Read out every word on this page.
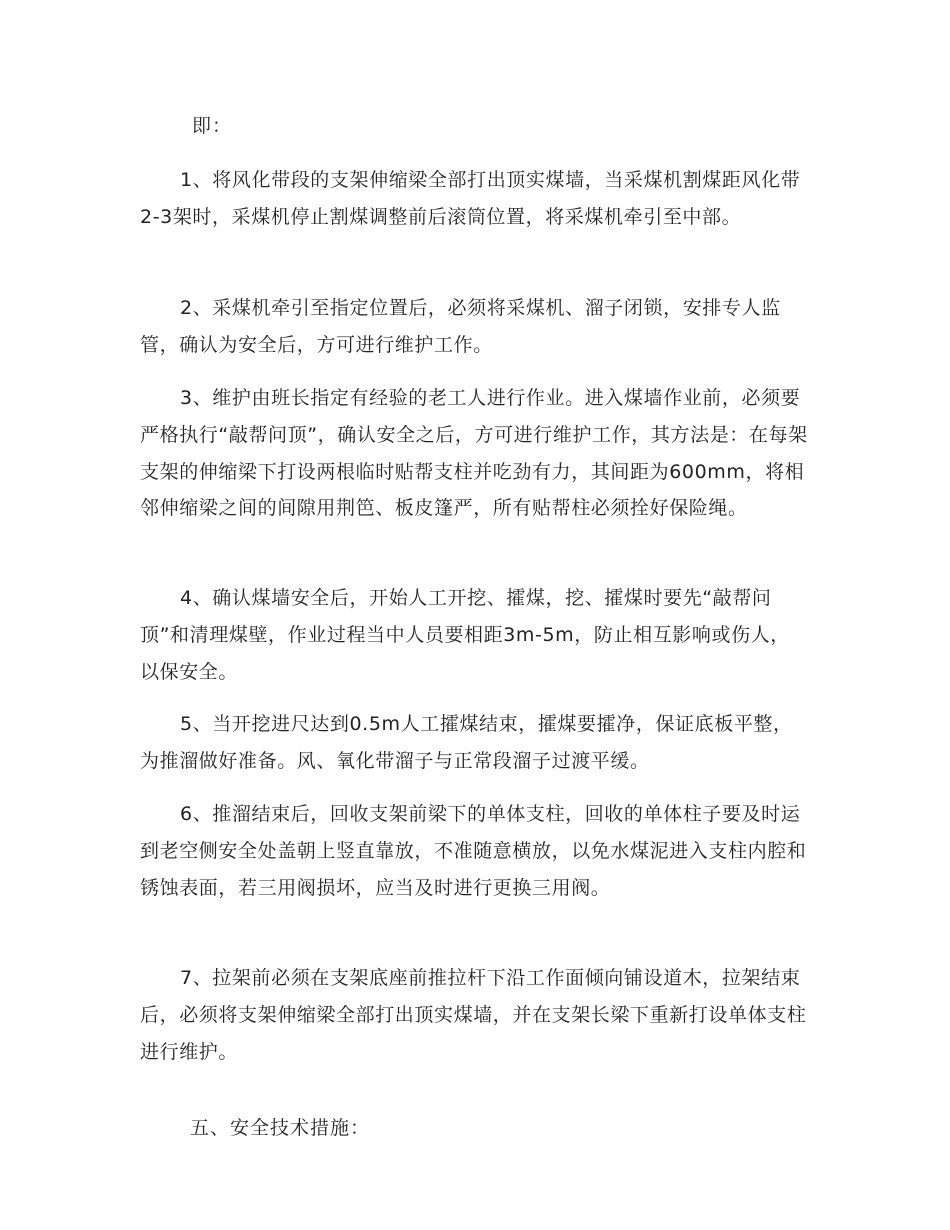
即：

1、将风化带段的支架伸缩梁全部打出顶实煤墙，当采煤机割煤距风化带2-3架时，采煤机停止割煤调整前后滚筒位置，将采煤机牵引至中部。

2、采煤机牵引至指定位置后，必须将采煤机、溜子闭锁，安排专人监管，确认为安全后，方可进行维护工作。

3、维护由班长指定有经验的老工人进行作业。进入煤墙作业前，必须要严格执行“敲帮问顶”，确认安全之后，方可进行维护工作，其方法是：在每架支架的伸缩梁下打设两根临时贴帮支柱并吃劲有力，其间距为600mm，将相邻伸缩梁之间的间隙用荆笆、板皮篷严，所有贴帮柱必须拴好保险绳。

4、确认煤墙安全后，开始人工开挖、攉煤，挖、攉煤时要先“敲帮问顶”和清理煤壁，作业过程当中人员要相距3m-5m，防止相互影响或伤人，以保安全。

5、当开挖进尺达到0.5m人工攉煤结束，攉煤要攉净，保证底板平整，为推溜做好准备。风、氧化带溜子与正常段溜子过渡平缓。

6、推溜结束后，回收支架前梁下的单体支柱，回收的单体柱子要及时运到老空侧安全处盖朝上竖直靠放，不准随意横放，以免水煤泥进入支柱内腔和锈蚀表面，若三用阀损坏，应当及时进行更换三用阀。

7、拉架前必须在支架底座前推拉杆下沿工作面倾向铺设道木，拉架结束后，必须将支架伸缩梁全部打出顶实煤墙，并在支架长梁下重新打设单体支柱进行维护。

五、安全技术措施：
